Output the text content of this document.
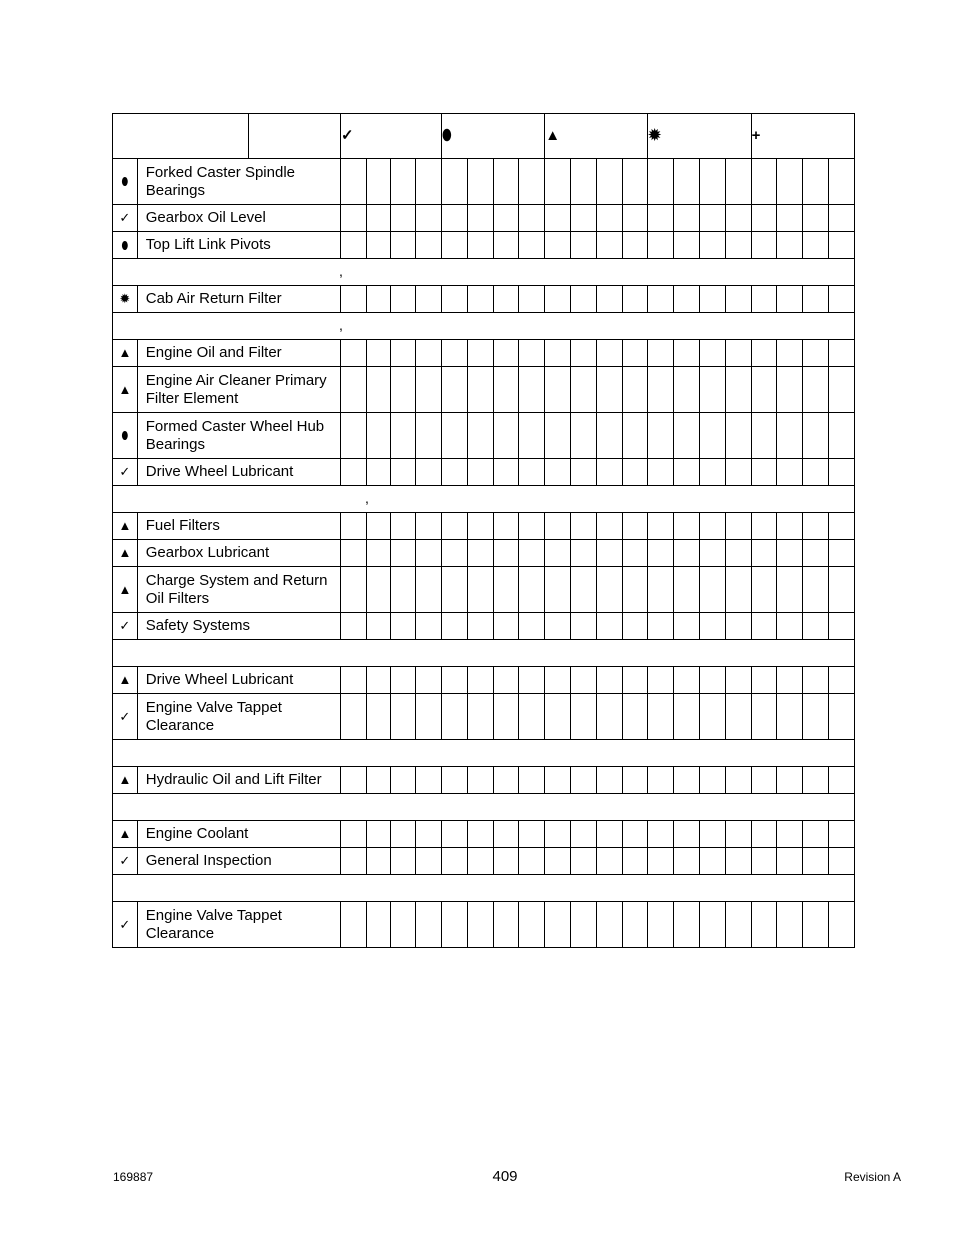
		✓				⬮				▲				✹				+			
⬮	Forked Caster Spindle Bearings																				
✓	Gearbox Oil Level																				
⬮	Top Lift Link Pivots																				

,																					

✹	Cab Air Return Filter																				

,																					

▲	Engine Oil and Filter																				
▲	Engine Air Cleaner Primary Filter Element																				
⬮	Formed Caster Wheel Hub Bearings																				
✓	Drive Wheel Lubricant																				

,																					

▲	Fuel Filters																				
▲	Gearbox Lubricant																				
▲	Charge System and Return Oil Filters																				
✓	Safety Systems																				

▲	Drive Wheel Lubricant																				
✓	Engine Valve Tappet Clearance																				

▲	Hydraulic Oil and Lift Filter																				

▲	Engine Coolant																				
✓	General Inspection																				

✓	Engine Valve Tappet Clearance																				
169887	409	Revision A
